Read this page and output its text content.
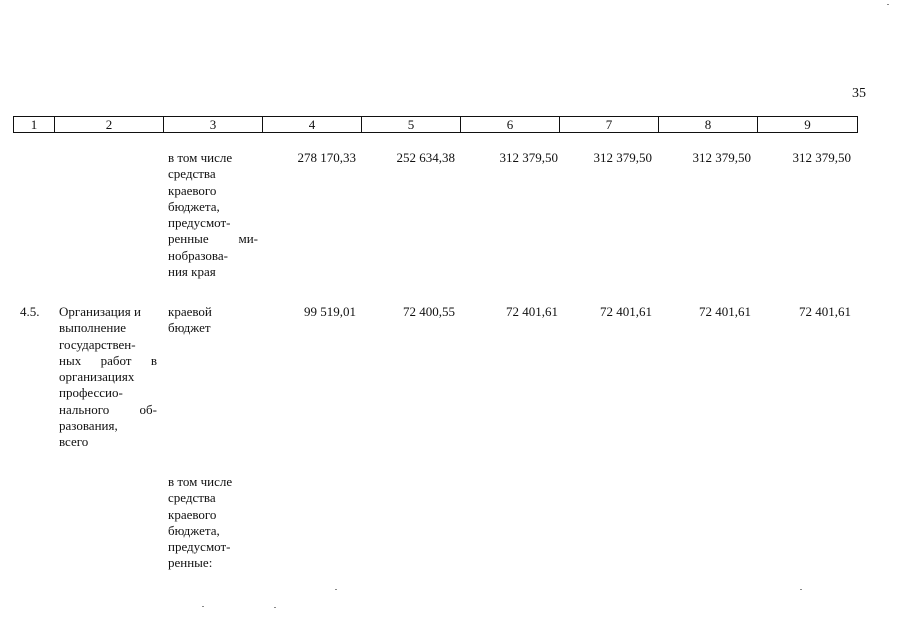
35
1	2	3	4	5	6	7	8	9
в том числе
средства
краевого
бюджета,
предусмот-
ренные ми-
нобразова-
ния края
278 170,33	252 634,38	312 379,50	312 379,50	312 379,50	312 379,50
4.5. Организация и
выполнение
государствен-
ных работ в
организациях
профессио-
нального об-
разования,
всего
краевой
бюджет
99 519,01	72 400,55	72 401,61	72 401,61	72 401,61	72 401,61
в том числе
средства
краевого
бюджета,
предусмот-
ренные:
